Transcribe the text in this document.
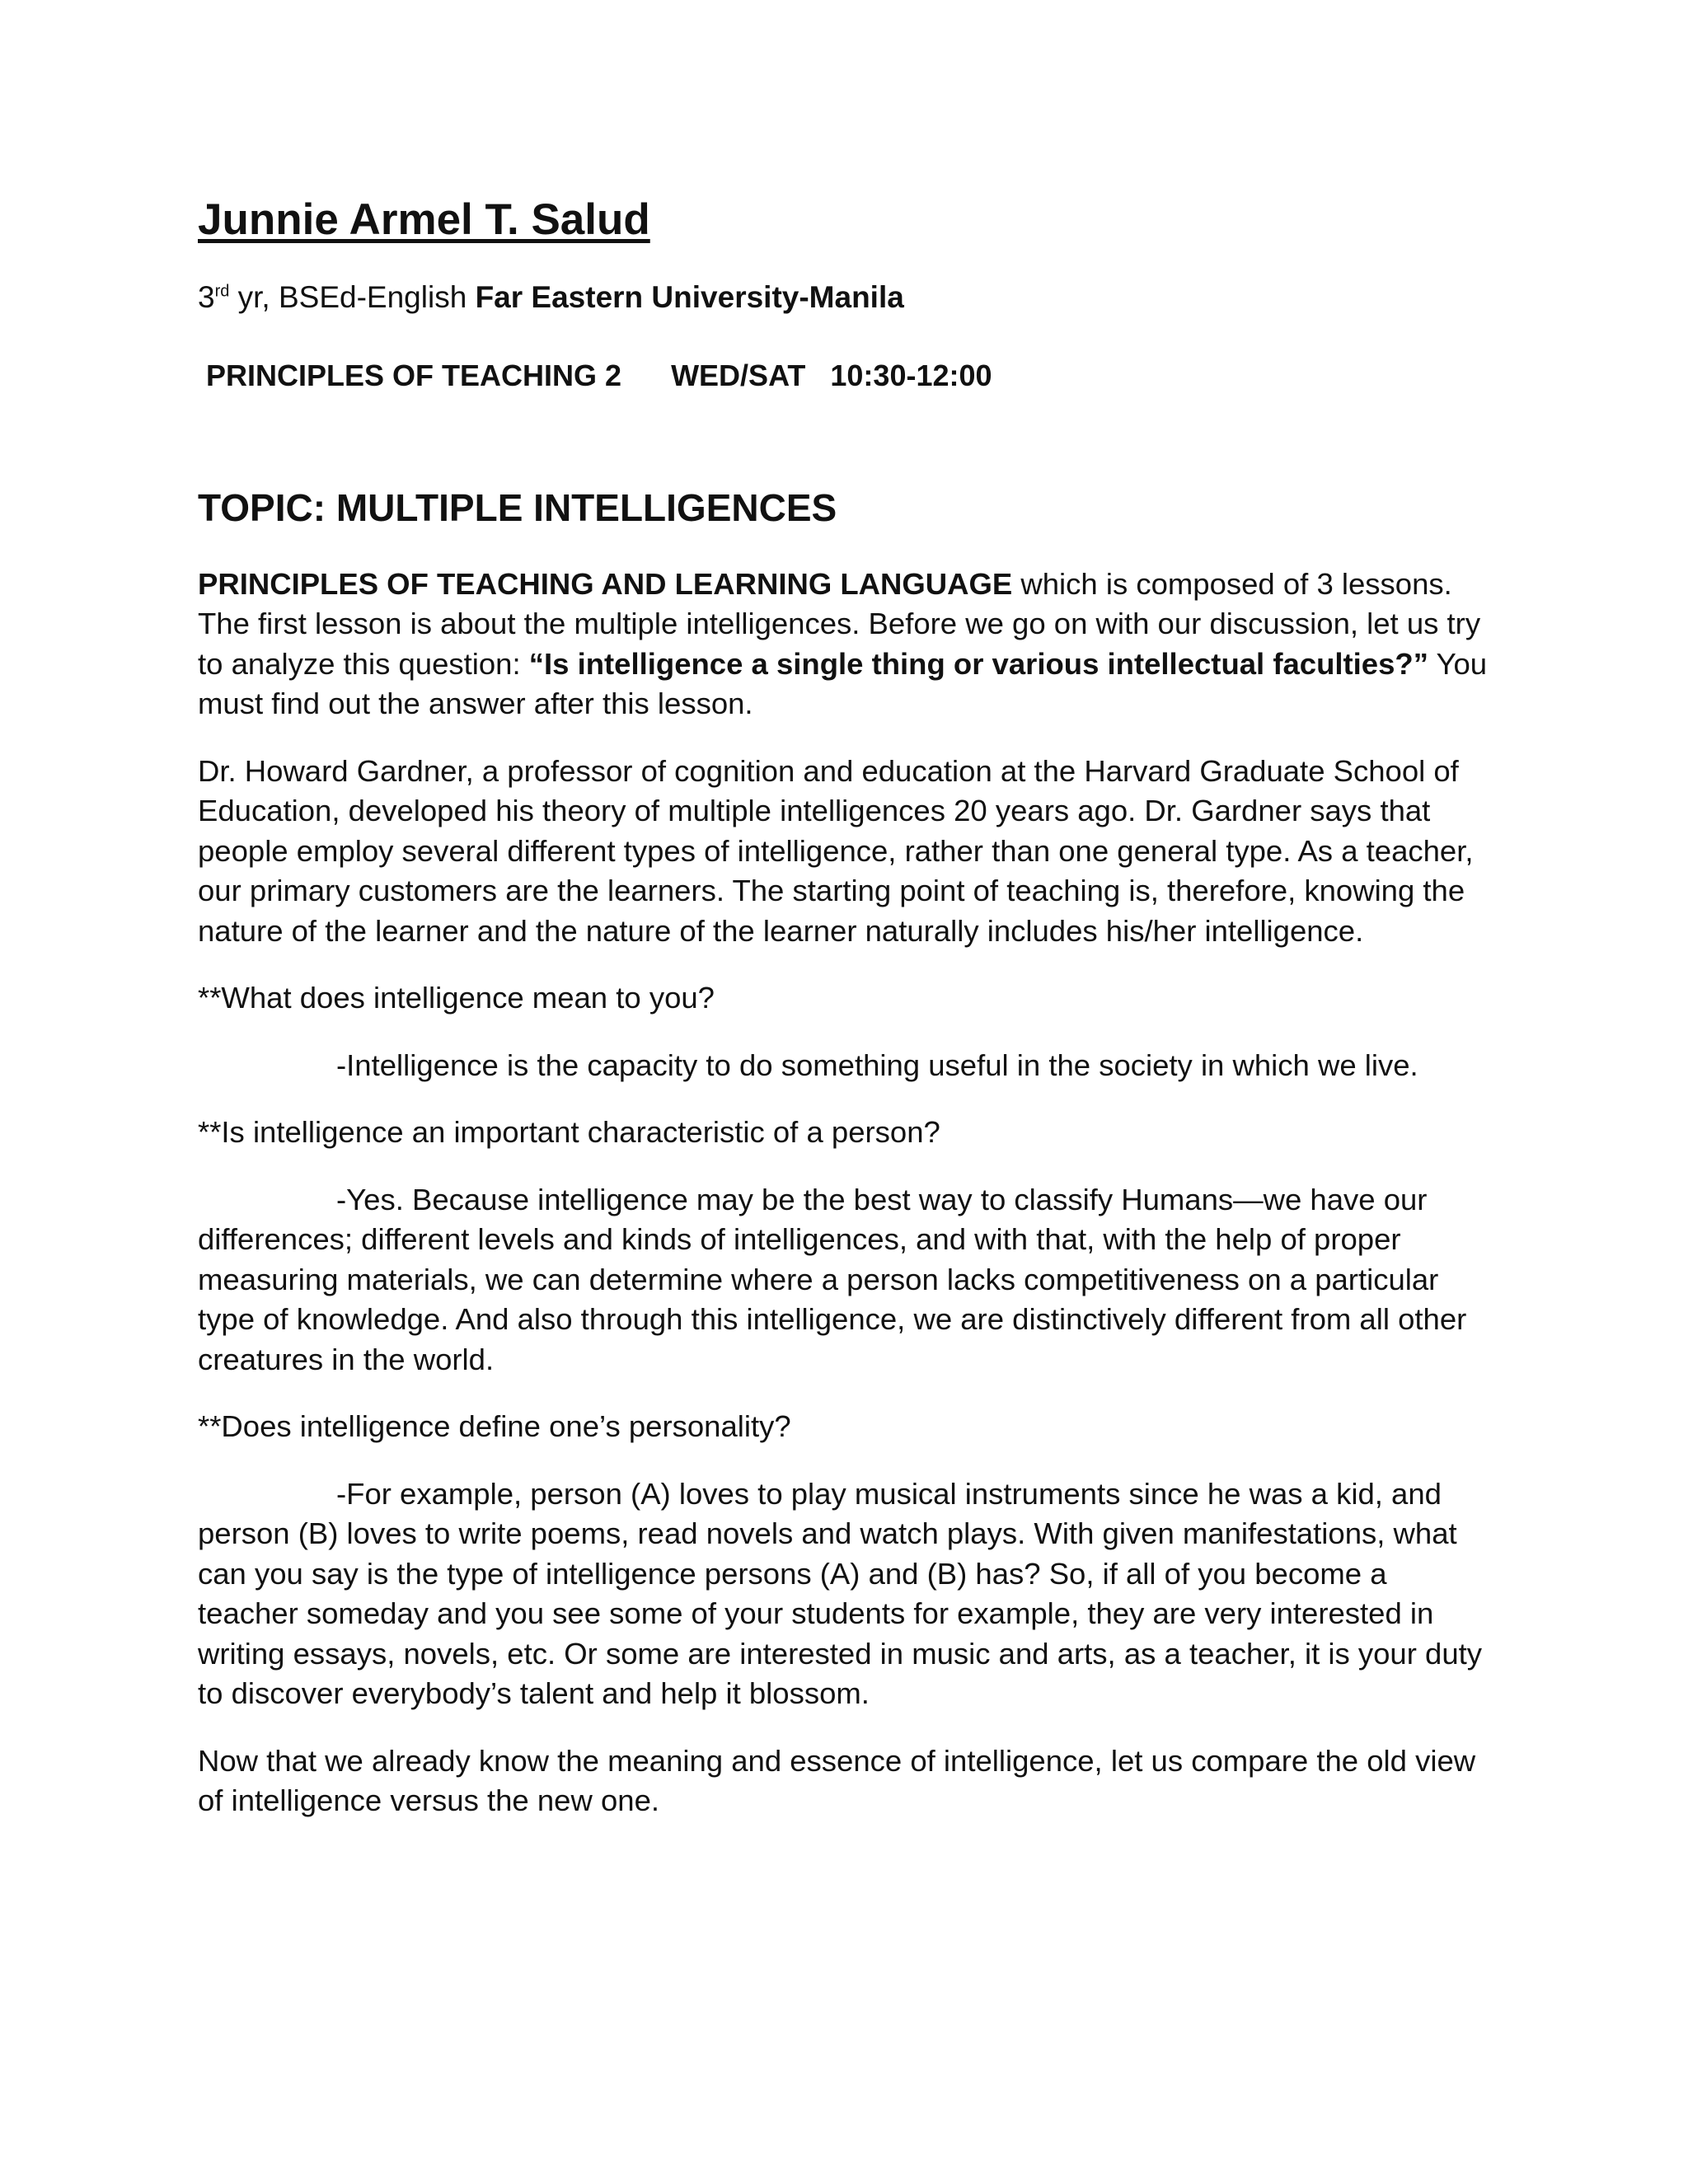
Junnie Armel T. Salud
3rd yr, BSEd-English Far Eastern University-Manila
PRINCIPLES OF TEACHING 2      WED/SAT   10:30-12:00
TOPIC: MULTIPLE INTELLIGENCES

PRINCIPLES OF TEACHING AND LEARNING LANGUAGE which is composed of 3 lessons. The first lesson is about the multiple intelligences. Before we go on with our discussion, let us try to analyze this question: “Is intelligence a single thing or various intellectual faculties?” You must find out the answer after this lesson.

Dr. Howard Gardner, a professor of cognition and education at the Harvard Graduate School of Education, developed his theory of multiple intelligences 20 years ago. Dr. Gardner says that people employ several different types of intelligence, rather than one general type. As a teacher, our primary customers are the learners. The starting point of teaching is, therefore, knowing the nature of the learner and the nature of the learner naturally includes his/her intelligence.

**What does intelligence mean to you?

-Intelligence is the capacity to do something useful in the society in which we live.

**Is intelligence an important characteristic of a person?

-Yes. Because intelligence may be the best way to classify Humans—we have our differences; different levels and kinds of intelligences, and with that, with the help of proper measuring materials, we can determine where a person lacks competitiveness on a particular type of knowledge. And also through this intelligence, we are distinctively different from all other creatures in the world.

**Does intelligence define one’s personality?

-For example, person (A) loves to play musical instruments since he was a kid, and person (B) loves to write poems, read novels and watch plays. With given manifestations, what can you say is the type of intelligence persons (A) and (B) has? So, if all of you become a teacher someday and you see some of your students for example, they are very interested in writing essays, novels, etc. Or some are interested in music and arts, as a teacher, it is your duty to discover everybody’s talent and help it blossom.

Now that we already know the meaning and essence of intelligence, let us compare the old view of intelligence versus the new one.
